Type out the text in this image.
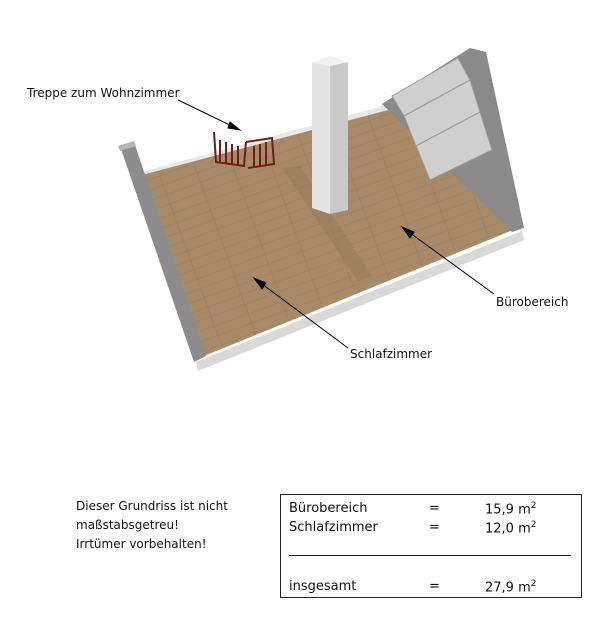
Treppe zum Wohnzimmer
Bürobereich
Schlafzimmer
Dieser Grundriss ist nicht
maßstabsgetreu!
Irrtümer vorbehalten!
Bürobereich	=	15,9 $m^2$
Schlafzimmer	=	12,0 $m^2$
insgesamt	=	27,9 $m^2$
